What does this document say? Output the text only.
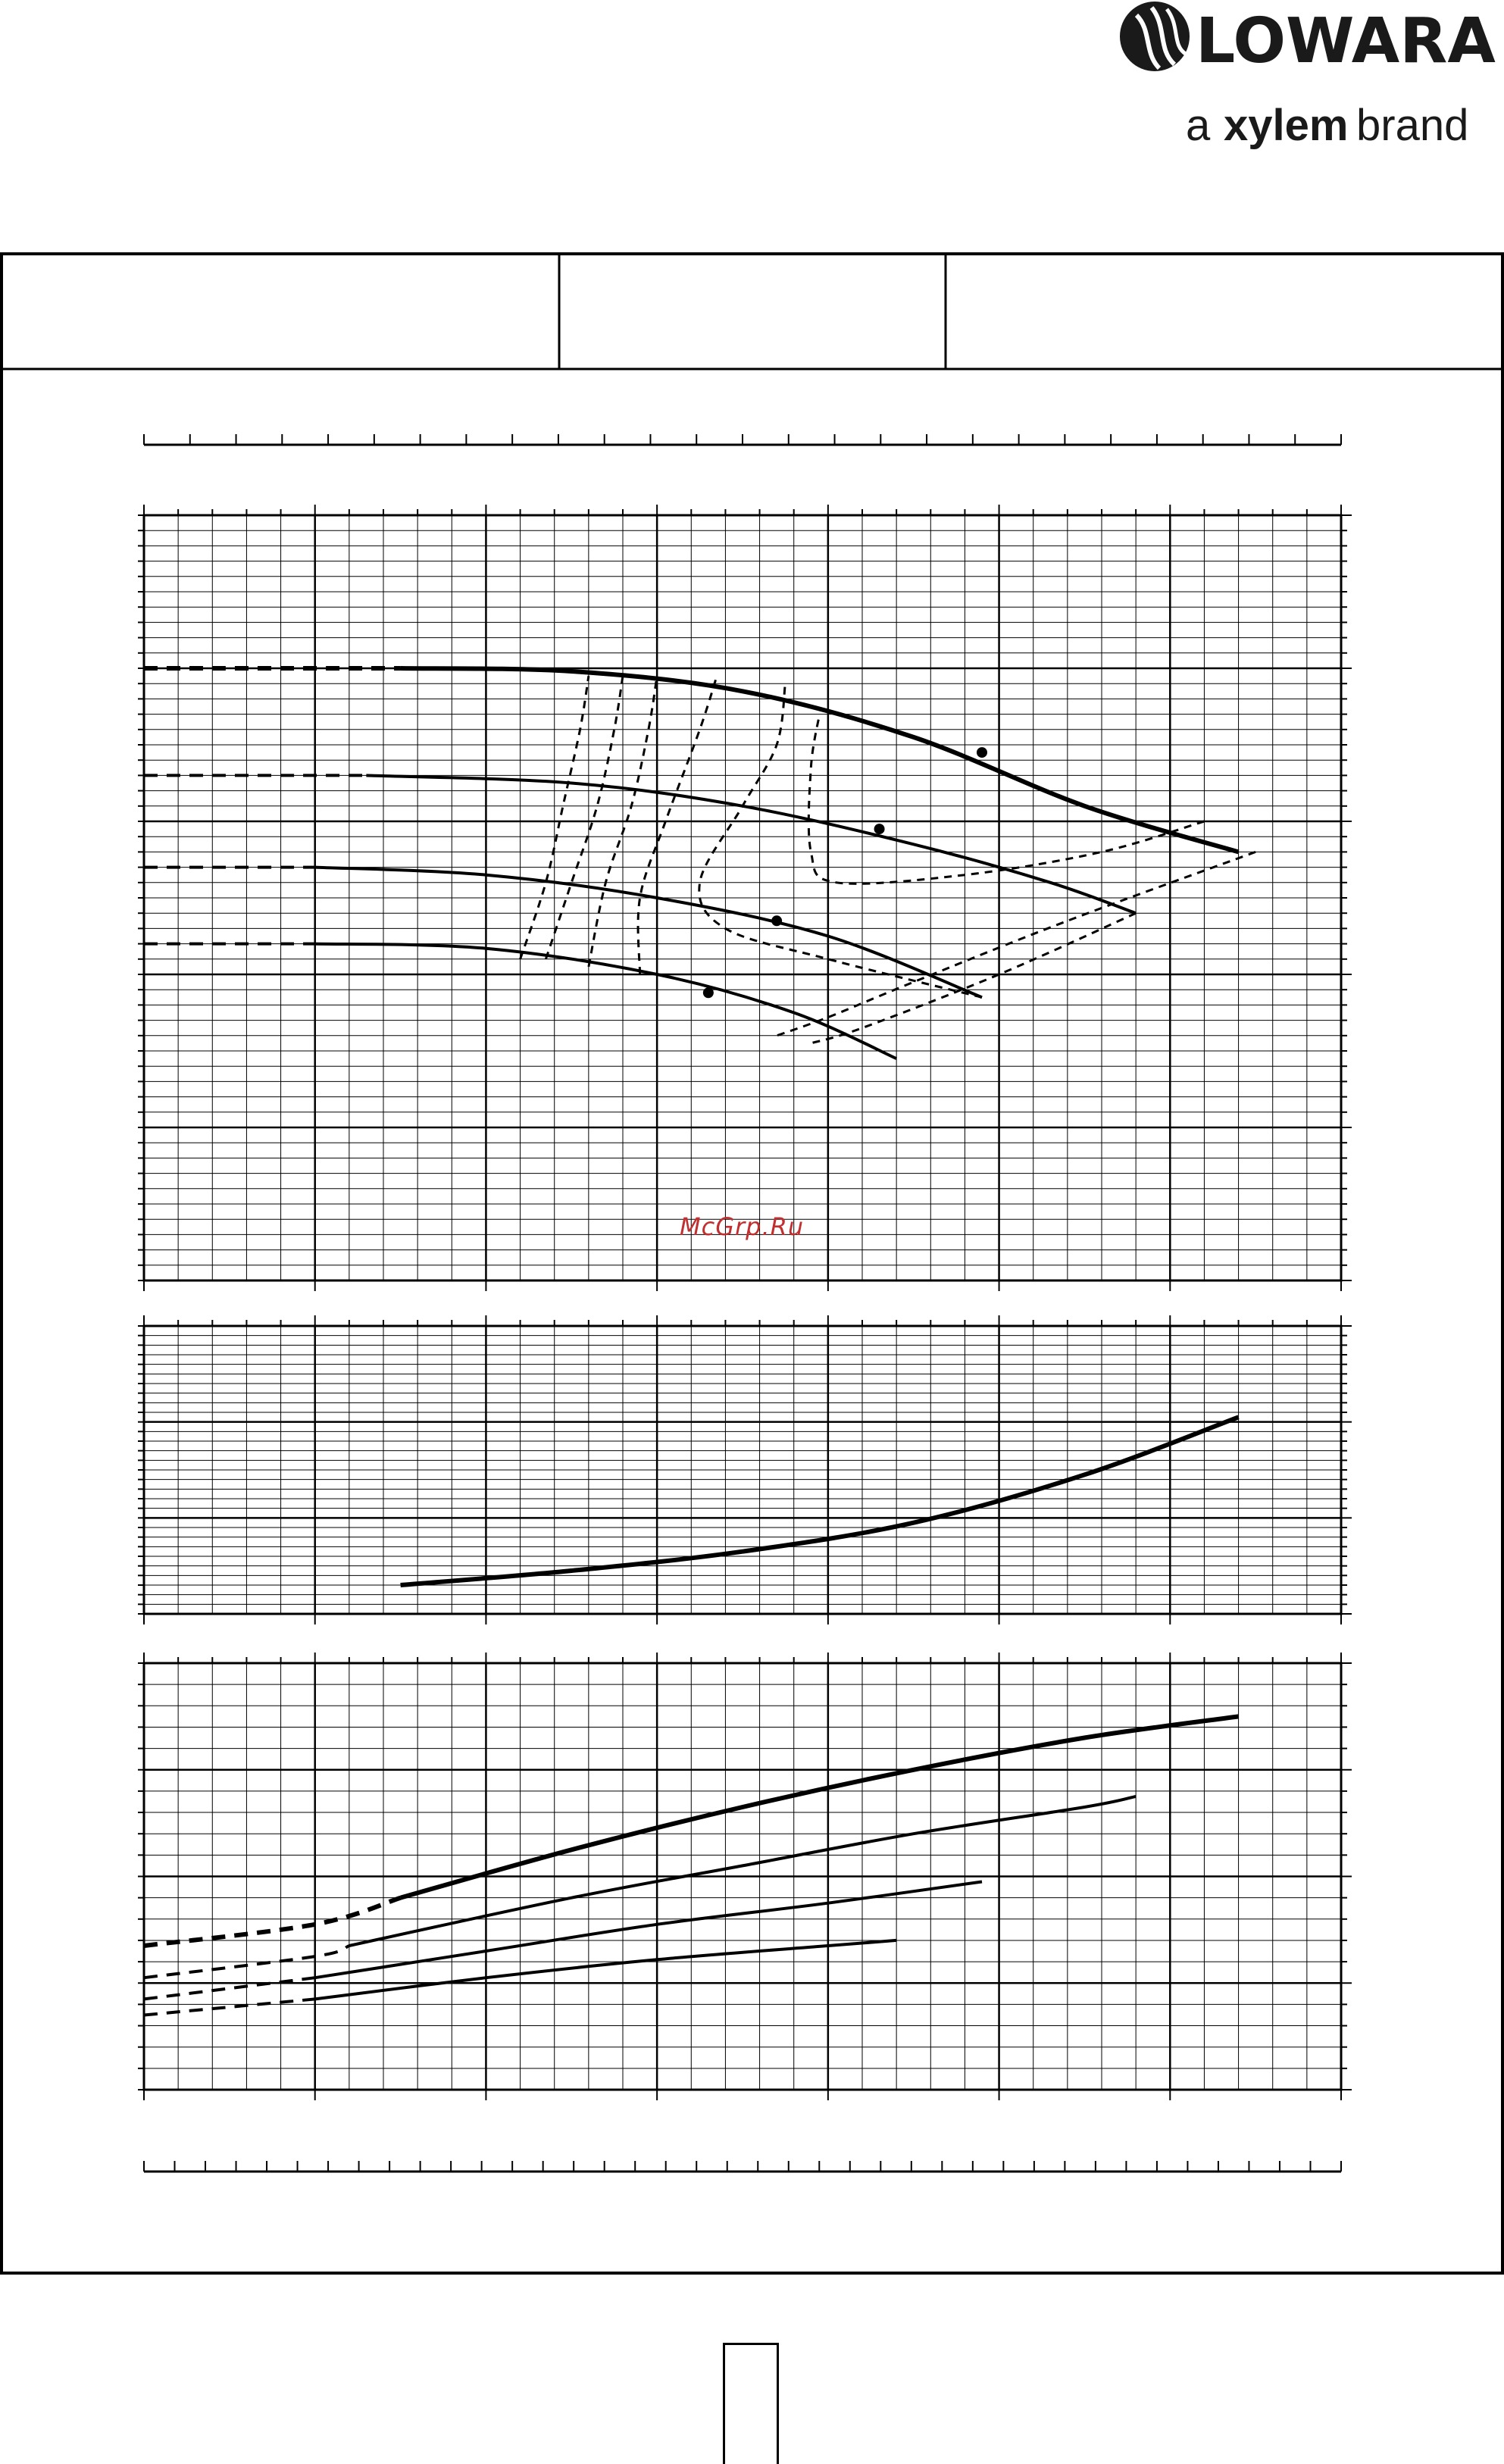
LOWARA
a xylem brand
McGrp.Ru
